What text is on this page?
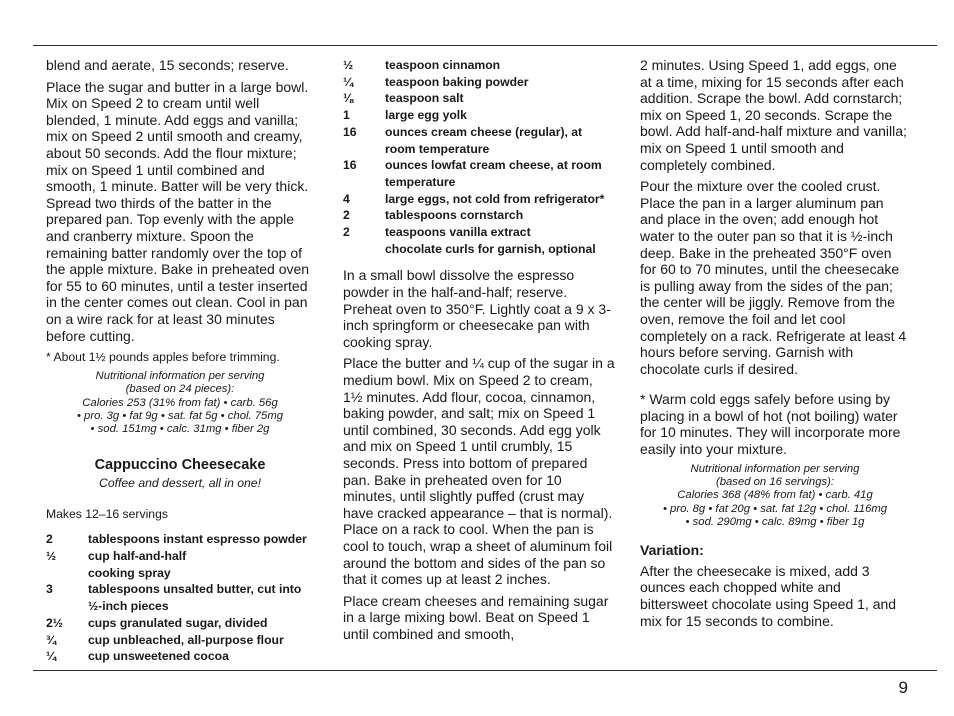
blend and aerate, 15 seconds; reserve.

Place the sugar and butter in a large bowl. Mix on Speed 2 to cream until well blended, 1 minute. Add eggs and vanilla; mix on Speed 2 until smooth and creamy, about 50 seconds. Add the flour mixture; mix on Speed 1 until combined and smooth, 1 minute. Batter will be very thick. Spread two thirds of the batter in the prepared pan. Top evenly with the apple and cranberry mixture. Spoon the remaining batter randomly over the top of the apple mixture. Bake in preheated oven for 55 to 60 minutes, until a tester inserted in the center comes out clean. Cool in pan on a wire rack for at least 30 minutes before cutting.

* About 1½ pounds apples before trimming.

Nutritional information per serving
(based on 24 pieces):
Calories 253 (31% from fat) • carb. 56g
• pro. 3g • fat 9g • sat. fat 5g • chol. 75mg
• sod. 151mg • calc. 31mg • fiber 2g
Cappuccino Cheesecake
Coffee and dessert, all in one!
Makes 12–16 servings
2	tablespoons instant espresso powder
½	cup half-and-half
cooking spray
3	tablespoons unsalted butter, cut into ½-inch pieces
2½	cups granulated sugar, divided
¾	cup unbleached, all-purpose flour
¼	cup unsweetened cocoa
½	teaspoon cinnamon
¼	teaspoon baking powder
⅛	teaspoon salt
1	large egg yolk
16	ounces cream cheese (regular), at room temperature
16	ounces lowfat cream cheese, at room temperature
4	large eggs, not cold from refrigerator*
2	tablespoons cornstarch
2	teaspoons vanilla extract
chocolate curls for garnish, optional

In a small bowl dissolve the espresso powder in the half-and-half; reserve. Preheat oven to 350°F. Lightly coat a 9 x 3-inch springform or cheesecake pan with cooking spray.

Place the butter and ¼ cup of the sugar in a medium bowl. Mix on Speed 2 to cream, 1½ minutes. Add flour, cocoa, cinnamon, baking powder, and salt; mix on Speed 1 until combined, 30 seconds. Add egg yolk and mix on Speed 1 until crumbly, 15 seconds. Press into bottom of prepared pan. Bake in preheated oven for 10 minutes, until slightly puffed (crust may have cracked appearance – that is normal). Place on a rack to cool. When the pan is cool to touch, wrap a sheet of aluminum foil around the bottom and sides of the pan so that it comes up at least 2 inches.

Place cream cheeses and remaining sugar in a large mixing bowl. Beat on Speed 1 until combined and smooth,

2 minutes. Using Speed 1, add eggs, one at a time, mixing for 15 seconds after each addition. Scrape the bowl. Add cornstarch; mix on Speed 1, 20 seconds. Scrape the bowl. Add half-and-half mixture and vanilla; mix on Speed 1 until smooth and completely combined.

Pour the mixture over the cooled crust. Place the pan in a larger aluminum pan and place in the oven; add enough hot water to the outer pan so that it is ½-inch deep. Bake in the preheated 350°F oven for 60 to 70 minutes, until the cheesecake is pulling away from the sides of the pan; the center will be jiggly. Remove from the oven, remove the foil and let cool completely on a rack. Refrigerate at least 4 hours before serving. Garnish with chocolate curls if desired.

* Warm cold eggs safely before using by placing in a bowl of hot (not boiling) water for 10 minutes. They will incorporate more easily into your mixture.

Nutritional information per serving
(based on 16 servings):
Calories 368 (48% from fat) • carb. 41g
• pro. 8g • fat 20g • sat. fat 12g • chol. 116mg
• sod. 290mg • calc. 89mg • fiber 1g
Variation:

After the cheesecake is mixed, add 3 ounces each chopped white and bittersweet chocolate using Speed 1, and mix for 15 seconds to combine.

9
